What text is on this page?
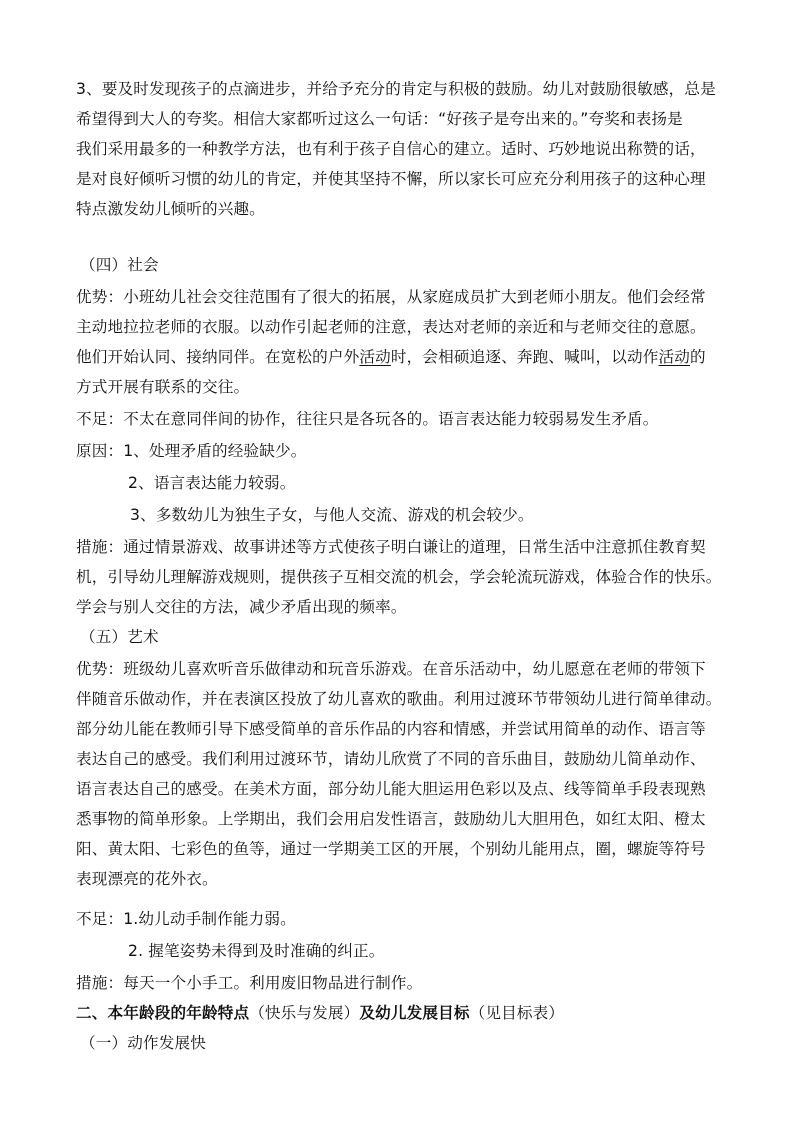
3、要及时发现孩子的点滴进步，并给予充分的肯定与积极的鼓励。幼儿对鼓励很敏感，总是
希望得到大人的夸奖。相信大家都听过这么一句话：“好孩子是夸出来的。”夸奖和表扬是
我们采用最多的一种教学方法，也有利于孩子自信心的建立。适时、巧妙地说出称赞的话，
是对良好倾听习惯的幼儿的肯定，并使其坚持不懈，所以家长可应充分利用孩子的这种心理
特点激发幼儿倾听的兴趣。
（四）社会
优势：小班幼儿社会交往范围有了很大的拓展，从家庭成员扩大到老师小朋友。他们会经常
主动地拉拉老师的衣服。以动作引起老师的注意，表达对老师的亲近和与老师交往的意愿。
他们开始认同、接纳同伴。在宽松的户外活动时，会相硕追逐、奔跑、喊叫，以动作活动的
方式开展有联系的交往。
不足：不太在意同伴间的协作，往往只是各玩各的。语言表达能力较弱易发生矛盾。
原因：1、处理矛盾的经验缺少。
2、语言表达能力较弱。
3、多数幼儿为独生子女，与他人交流、游戏的机会较少。
措施：通过情景游戏、故事讲述等方式使孩子明白谦让的道理，日常生活中注意抓住教育契
机，引导幼儿理解游戏规则，提供孩子互相交流的机会，学会轮流玩游戏，体验合作的快乐。
学会与别人交往的方法，减少矛盾出现的频率。
（五）艺术
优势：班级幼儿喜欢听音乐做律动和玩音乐游戏。在音乐活动中，幼儿愿意在老师的带领下
伴随音乐做动作，并在表演区投放了幼儿喜欢的歌曲。利用过渡环节带领幼儿进行简单律动。
部分幼儿能在教师引导下感受简单的音乐作品的内容和情感，并尝试用简单的动作、语言等
表达自己的感受。我们利用过渡环节，请幼儿欣赏了不同的音乐曲目，鼓励幼儿简单动作、
语言表达自己的感受。在美术方面，部分幼儿能大胆运用色彩以及点、线等简单手段表现熟
悉事物的简单形象。上学期出，我们会用启发性语言，鼓励幼儿大胆用色，如红太阳、橙太
阳、黄太阳、七彩色的鱼等，通过一学期美工区的开展，个别幼儿能用点，圈，螺旋等符号
表现漂亮的花外衣。
不足：1.幼儿动手制作能力弱。
2. 握笔姿势未得到及时准确的纠正。
措施：每天一个小手工。利用废旧物品进行制作。
二、本年龄段的年龄特点（快乐与发展）及幼儿发展目标（见目标表）
（一）动作发展快
